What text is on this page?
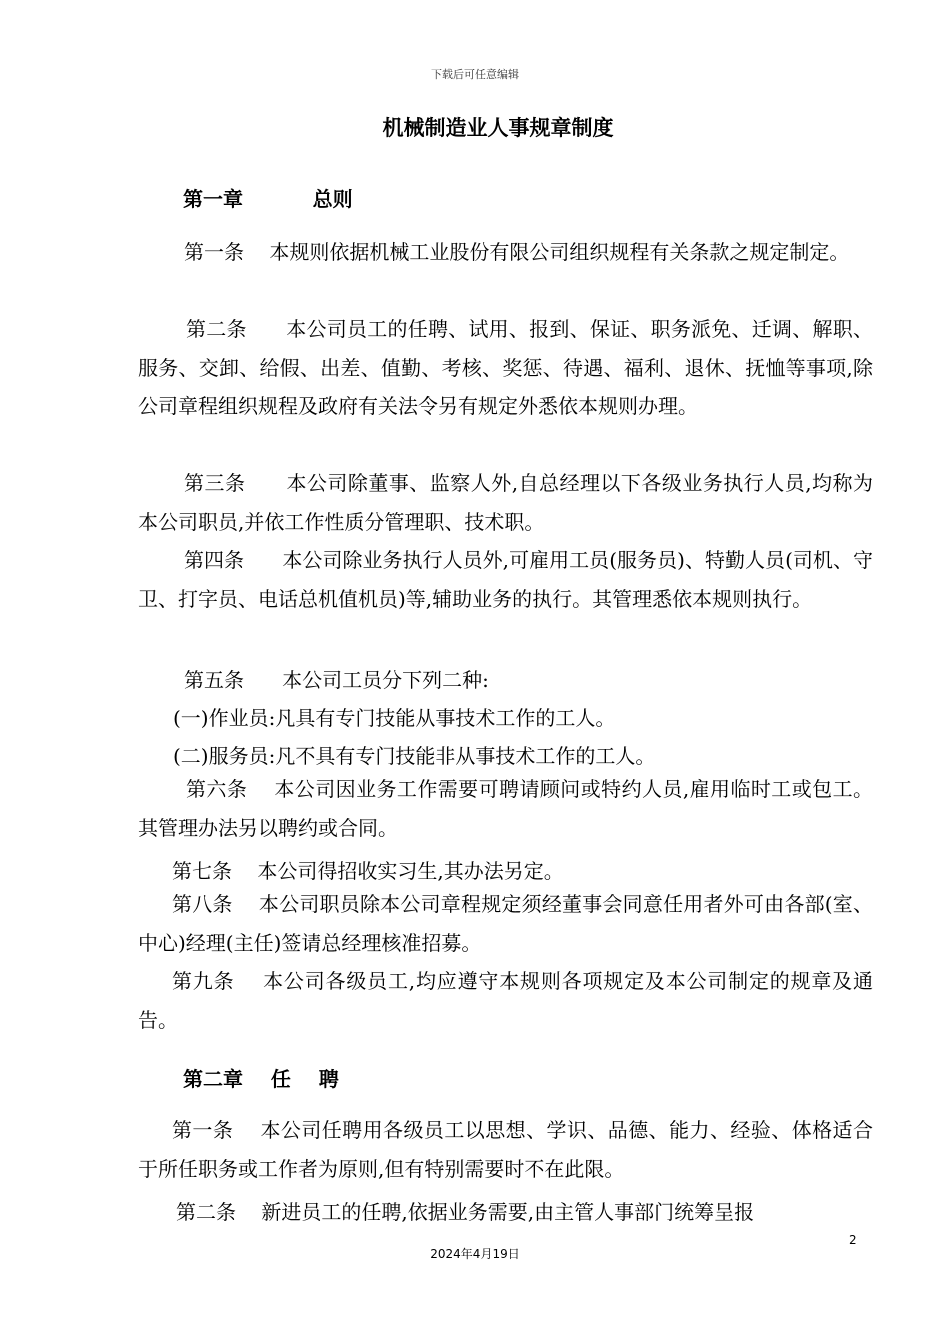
下载后可任意编辑
机械制造业人事规章制度
第一章          总则
第一条    本规则依据机械工业股份有限公司组织规程有关条款之规定制定。
第二条      本公司员工的任聘、试用、报到、保证、职务派免、迁调、解职、服务、交卸、给假、出差、值勤、考核、奖惩、待遇、福利、退休、抚恤等事项,除公司章程组织规程及政府有关法令另有规定外悉依本规则办理。
第三条      本公司除董事、监察人外,自总经理以下各级业务执行人员,均称为本公司职员,并依工作性质分管理职、技术职。
第四条      本公司除业务执行人员外,可雇用工员(服务员)、特勤人员(司机、守卫、打字员、电话总机值机员)等,辅助业务的执行。其管理悉依本规则执行。
第五条      本公司工员分下列二种:
(一)作业员:凡具有专门技能从事技术工作的工人。
(二)服务员:凡不具有专门技能非从事技术工作的工人。
第六条    本公司因业务工作需要可聘请顾问或特约人员,雇用临时工或包工。其管理办法另以聘约或合同。
第七条    本公司得招收实习生,其办法另定。
第八条    本公司职员除本公司章程规定须经董事会同意任用者外可由各部(室、中心)经理(主任)签请总经理核准招募。
第九条    本公司各级员工,均应遵守本规则各项规定及本公司制定的规章及通告。
第二章    任    聘
第一条    本公司任聘用各级员工以思想、学识、品德、能力、经验、体格适合于所任职务或工作者为原则,但有特别需要时不在此限。
第二条    新进员工的任聘,依据业务需要,由主管人事部门统筹呈报
2
2024年4月19日
